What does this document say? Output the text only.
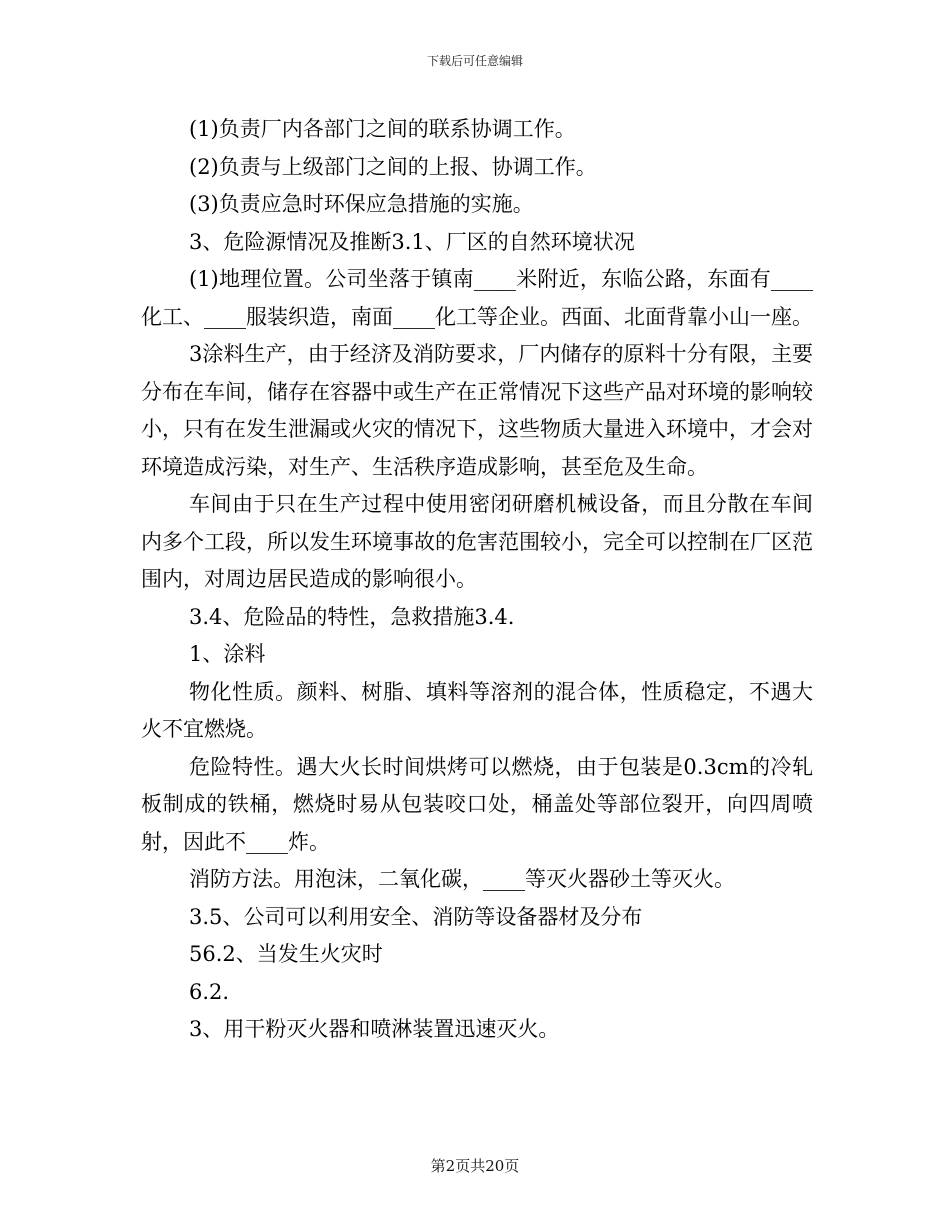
下载后可任意编辑

(1)负责厂内各部门之间的联系协调工作。

(2)负责与上级部门之间的上报、协调工作。

(3)负责应急时环保应急措施的实施。

3、危险源情况及推断3.1、厂区的自然环境状况

(1)地理位置。公司坐落于镇南____米附近，东临公路，东面有____化工、____服装织造，南面____化工等企业。西面、北面背靠小山一座。

3涂料生产，由于经济及消防要求，厂内储存的原料十分有限，主要分布在车间，储存在容器中或生产在正常情况下这些产品对环境的影响较小，只有在发生泄漏或火灾的情况下，这些物质大量进入环境中，才会对环境造成污染，对生产、生活秩序造成影响，甚至危及生命。

车间由于只在生产过程中使用密闭研磨机械设备，而且分散在车间内多个工段，所以发生环境事故的危害范围较小，完全可以控制在厂区范围内，对周边居民造成的影响很小。

3.4、危险品的特性，急救措施3.4.

1、涂料

物化性质。颜料、树脂、填料等溶剂的混合体，性质稳定，不遇大火不宜燃烧。

危险特性。遇大火长时间烘烤可以燃烧，由于包装是0.3cm的冷轧板制成的铁桶，燃烧时易从包装咬口处，桶盖处等部位裂开，向四周喷射，因此不____炸。

消防方法。用泡沫，二氧化碳，____等灭火器砂土等灭火。

3.5、公司可以利用安全、消防等设备器材及分布

56.2、当发生火灾时

6.2.

3、用干粉灭火器和喷淋装置迅速灭火。

第2页共20页
